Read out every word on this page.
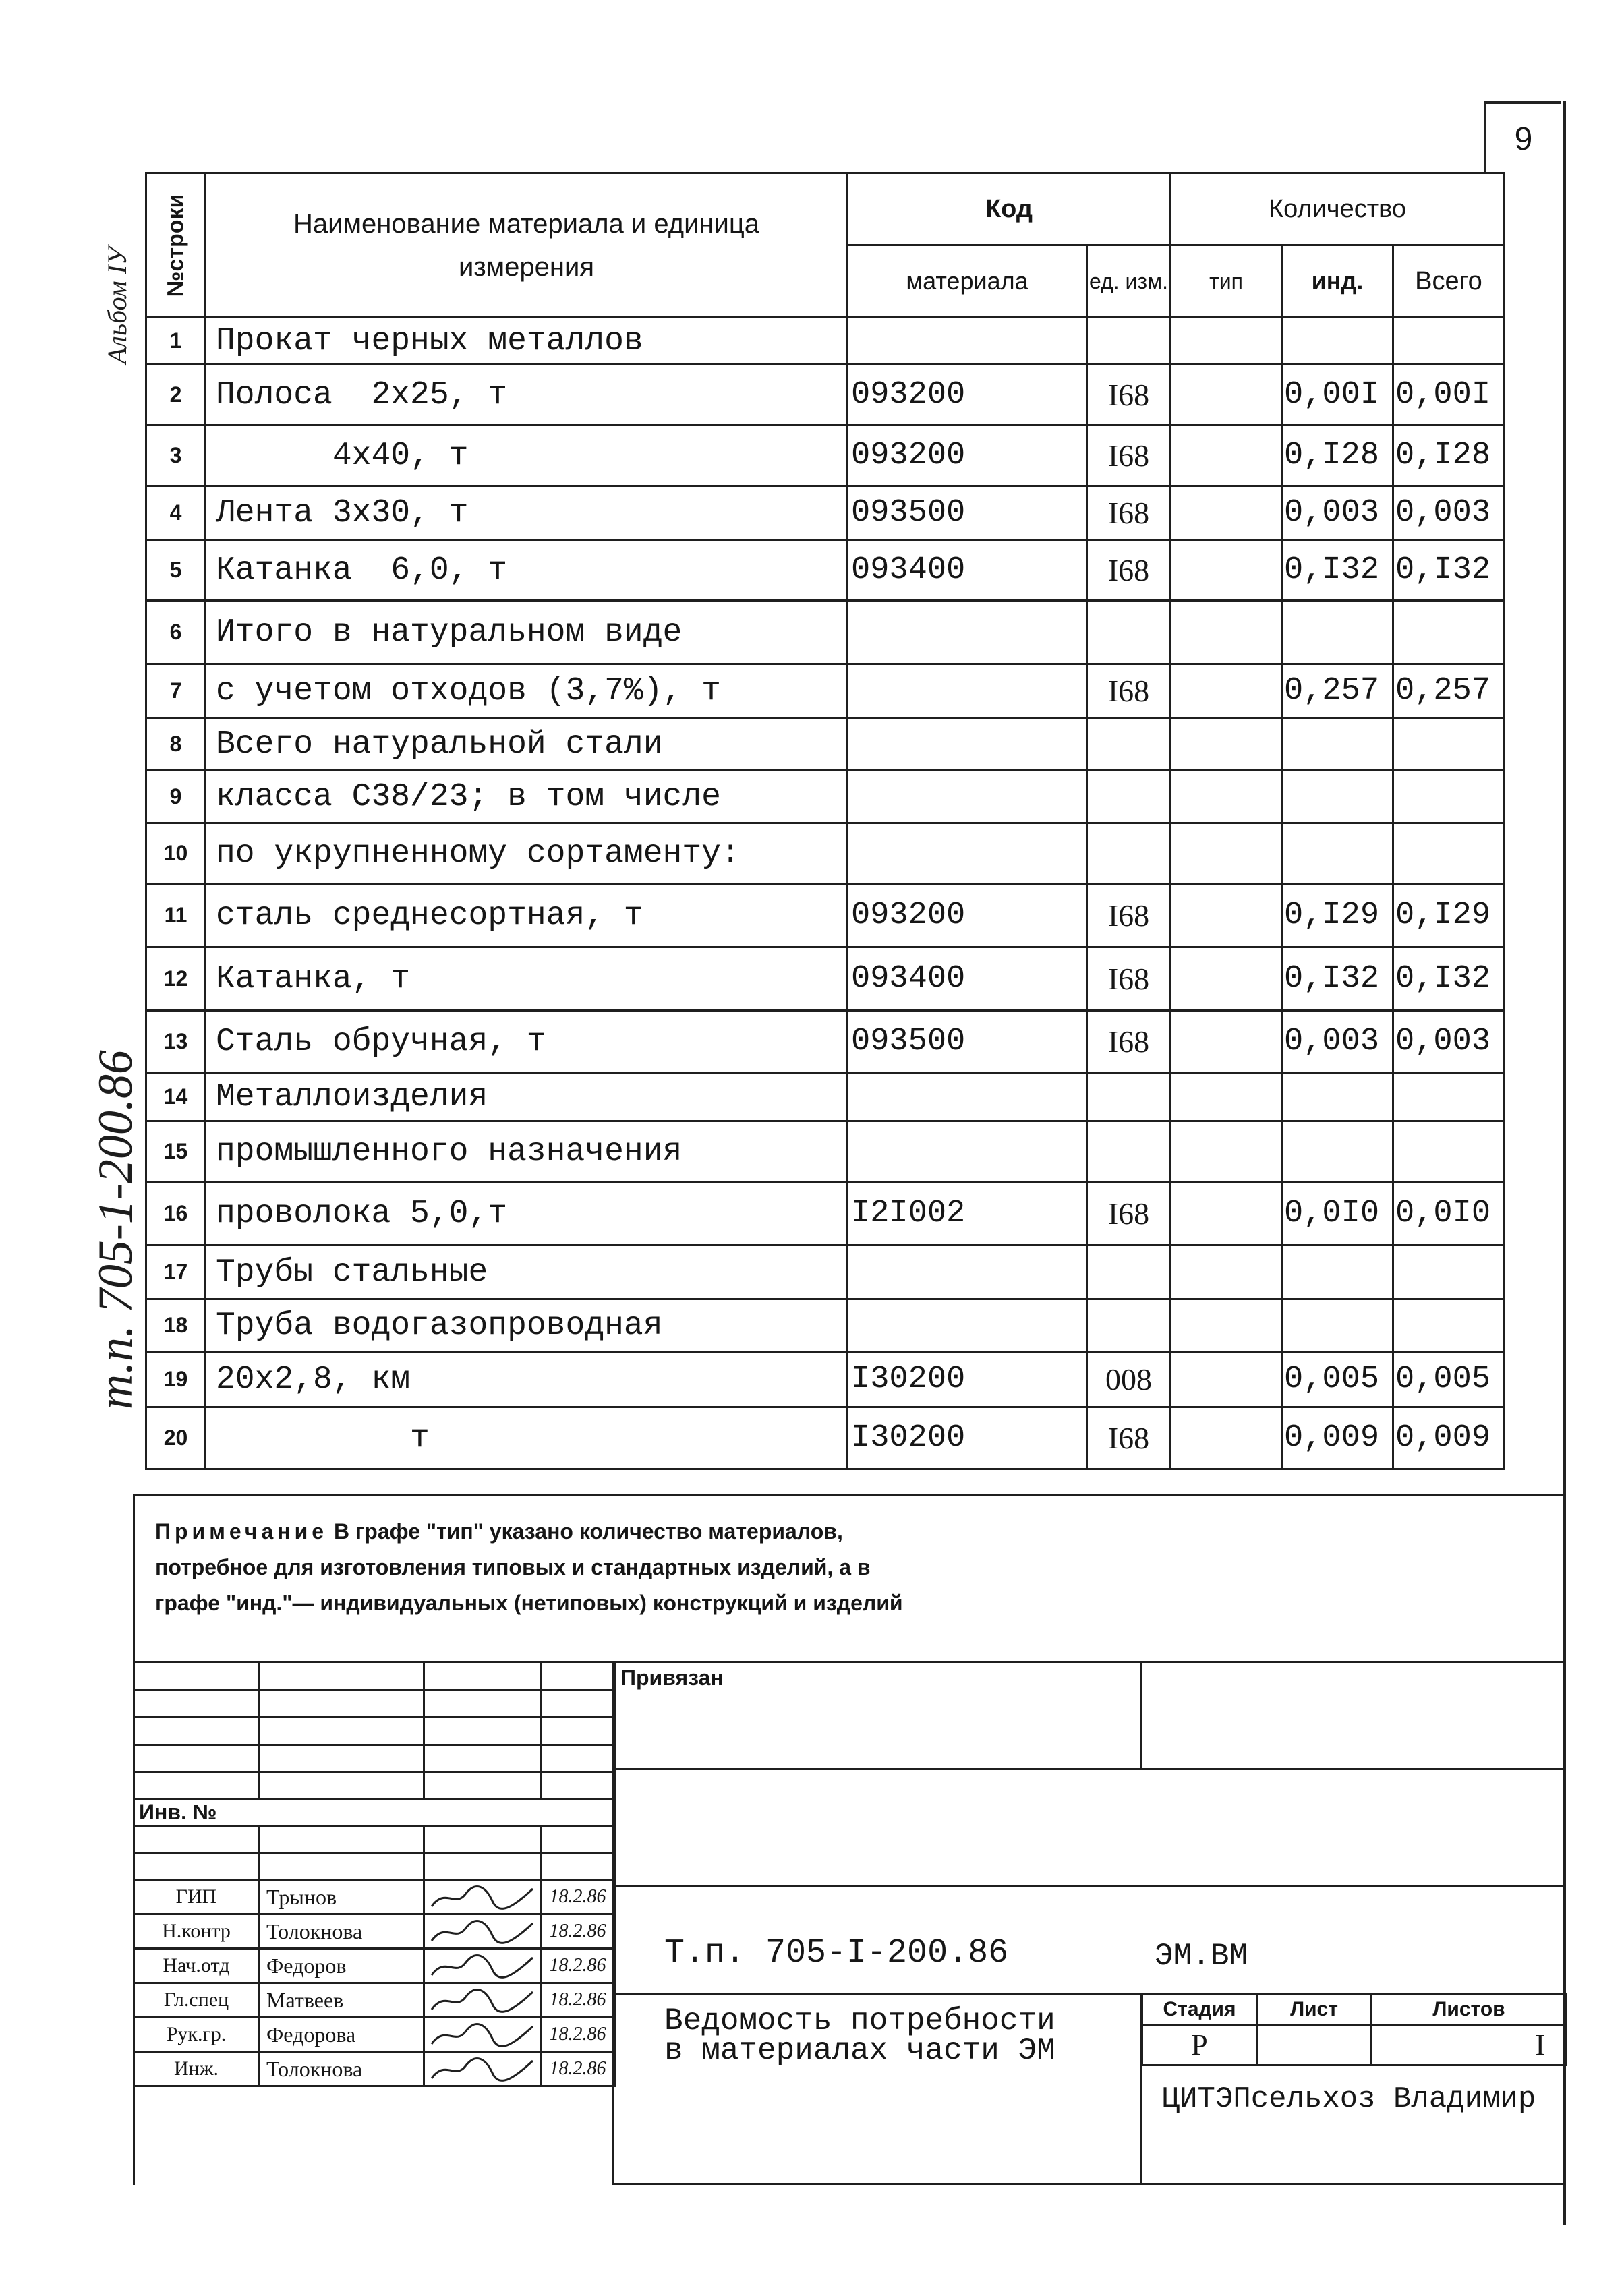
9
Альбом IУ
т.п. 705-1-200.86
№строки	Наименование материала и единица измерения	Код		Количество		
		материала	ед. изм.	тип	инд.	Всего
1	Прокат черных металлов					
2	Полоса  2х25, т	093200	I68		0,00I	0,00I
3	4х40, т	093200	I68		0,I28	0,I28
4	Лента 3х30, т	093500	I68		0,003	0,003
5	Катанка  6,0, т	093400	I68		0,I32	0,I32
6	Итого в натуральном виде					
7	с учетом отходов (3,7%), т		I68		0,257	0,257
8	Всего натуральной стали					
9	класса С38/23; в том числе					
10	по укрупненному сортаменту:					
11	сталь среднесортная, т	093200	I68		0,I29	0,I29
12	Катанка, т	093400	I68		0,I32	0,I32
13	Сталь обручная, т	093500	I68		0,003	0,003
14	Металлоизделия					
15	промышленного назначения					
16	проволока 5,0,т	I2I002	I68		0,0I0	0,0I0
17	Трубы стальные					
18	Труба водогазопроводная					
19	20х2,8, км	I30200	008		0,005	0,005
20	т	I30200	I68		0,009	0,009
Примечание В графе "тип" указано количество материалов, потребное для изготовления типовых и стандартных изделий, а в графе "инд."— индивидуальных (нетиповых) конструкций и изделий

Инв. №			

ГИП	Трынов		18.2.86
Н.контр	Толокнова		18.2.86
Нач.отд	Федоров		18.2.86
Гл.спец	Матвеев		18.2.86
Рук.гр.	Федорова		18.2.86
Инж.	Толокнова		18.2.86
Привязан
Т.п. 705-I-200.86	ЭМ.ВМ
Ведомость потребности в материалах части ЭМ
Стадия	Лист	Листов
Р		I
ЦИТЭПсельхоз Владимир
